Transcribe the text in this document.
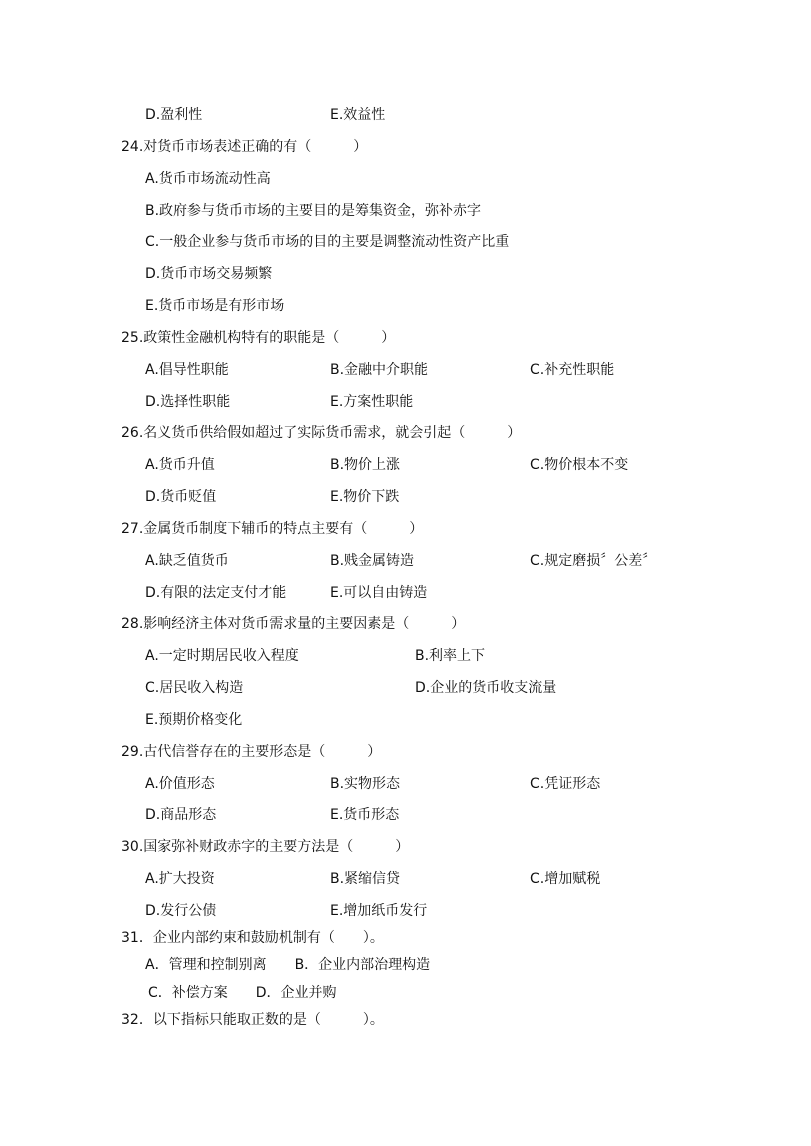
D.盈利性	E.效益性
24.对货币市场表述正确的有（　　　）
A.货币市场流动性高
B.政府参与货币市场的主要目的是筹集资金，弥补赤字
C.一般企业参与货币市场的目的主要是调整流动性资产比重
D.货币市场交易频繁
E.货币市场是有形市场
25.政策性金融机构特有的职能是（　　　）
A.倡导性职能	B.金融中介职能	C.补充性职能
D.选择性职能	E.方案性职能
26.名义货币供给假如超过了实际货币需求，就会引起（　　　）
A.货币升值	B.物价上涨	C.物价根本不变
D.货币贬值	E.物价下跌
27.金属货币制度下辅币的特点主要有（　　　）
A.缺乏值货币	B.贱金属铸造	C.规定磨损〞公差〞
D.有限的法定支付才能	E.可以自由铸造
28.影响经济主体对货币需求量的主要因素是（　　　）
A.一定时期居民收入程度	B.利率上下
C.居民收入构造	D.企业的货币收支流量
E.预期价格变化
29.古代信誉存在的主要形态是（　　　）
A.价值形态	B.实物形态	C.凭证形态
D.商品形态	E.货币形态
30.国家弥补财政赤字的主要方法是（　　　）
A.扩大投资	B.紧缩信贷	C.增加赋税
D.发行公债	E.增加纸币发行
31．企业内部约束和鼓励机制有（　　）。
A．管理和控制别离　　B．企业内部治理构造
C．补偿方案　　D．企业并购
32．以下指标只能取正数的是（　　　）。
